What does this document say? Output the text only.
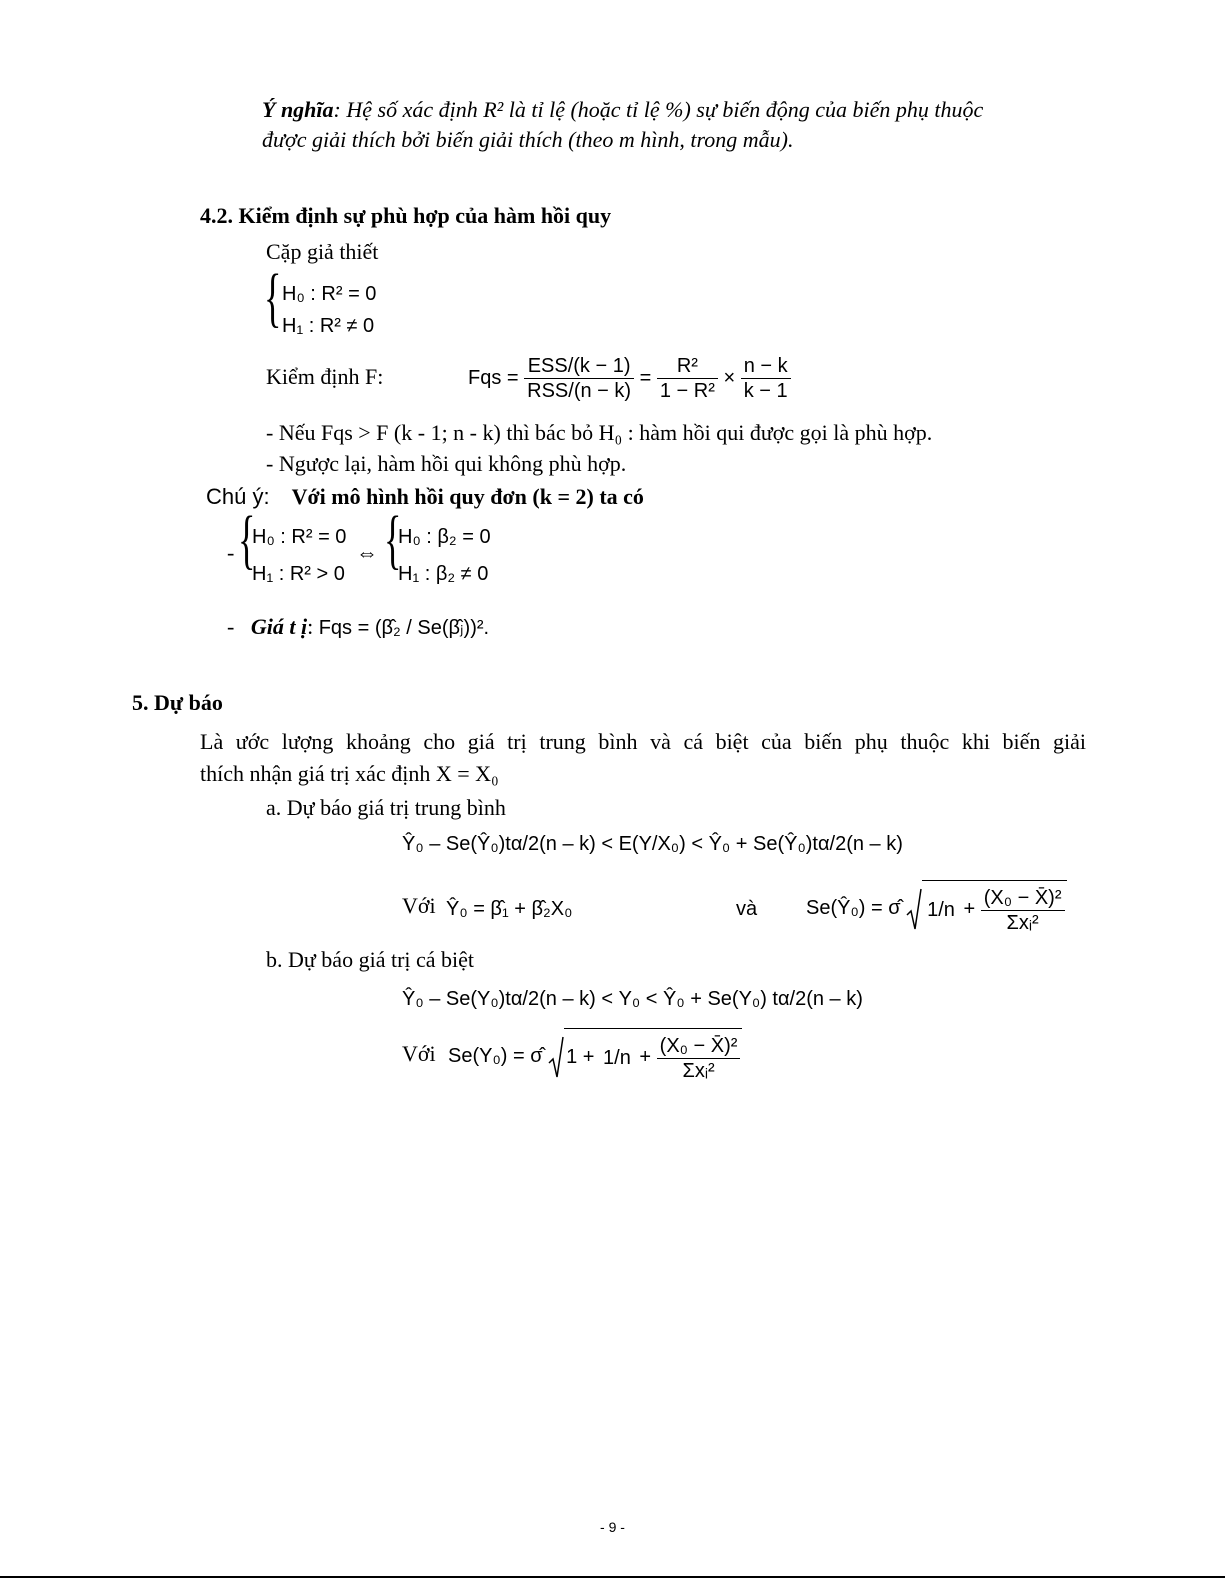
Ý nghĩa: Hệ số xác định R² là tỉ lệ (hoặc tỉ lệ %) sự biến động của biến phụ thuộc
được giải thích bởi biến giải thích (theo m hình, trong mẫu).
4.2. Kiểm định sự phù hợp của hàm hồi quy
Cặp giả thiết
{ H₀ : R² = 0
H₁ : R² ≠ 0
Kiểm định F:	Fqs = $\frac{\text{ESS/(k − 1)}}{\text{RSS/(n − k)}} = \frac{\text{R²}}{\text{1 − R²}} \times \frac{n - k}{k - 1}$
- Nếu Fqs > F (k - 1; n - k) thì bác bỏ H₀ : hàm hồi qui được gọi là phù hợp.
- Ngược lại, hàm hồi qui không phù hợp.
Chú ý: Với mô hình hồi quy đơn (k = 2) ta có
- {
H₀ : R² = 0
H₁ : R² > 0
⇔ {
H₀ : β₂ = 0
H₁ : β₂ ≠ 0
-   Giá t ị: Fqs = (β̂₂ / Se(β̂ⱼ))².
5. Dự báo
Là ước lượng khoảng cho giá trị trung bình và cá biệt của biến phụ thuộc khi biến giải
thích nhận giá trị xác định X = X₀
a. Dự báo giá trị trung bình
Ŷ₀ – Se(Ŷ₀)tα/2(n – k) < E(Y/X₀) < Ŷ₀ + Se(Ŷ₀)tα/2(n – k)
Với Ŷ₀ = β̂₁ + β̂₂X₀	và Se(Ŷ₀) = σ̂ $1/n + \frac{\text{(X₀ − X̄)²}}{\text{Σxᵢ²}}$
b. Dự báo giá trị cá biệt
Ŷ₀ – Se(Y₀)tα/2(n – k) < Y₀ < Ŷ₀ + Se(Y₀) tα/2(n – k)
Với Se(Y₀) = σ̂ $1 + 1/n + \frac{\text{(X₀ − X̄)²}}{\text{Σxᵢ²}}$
- 9 -
